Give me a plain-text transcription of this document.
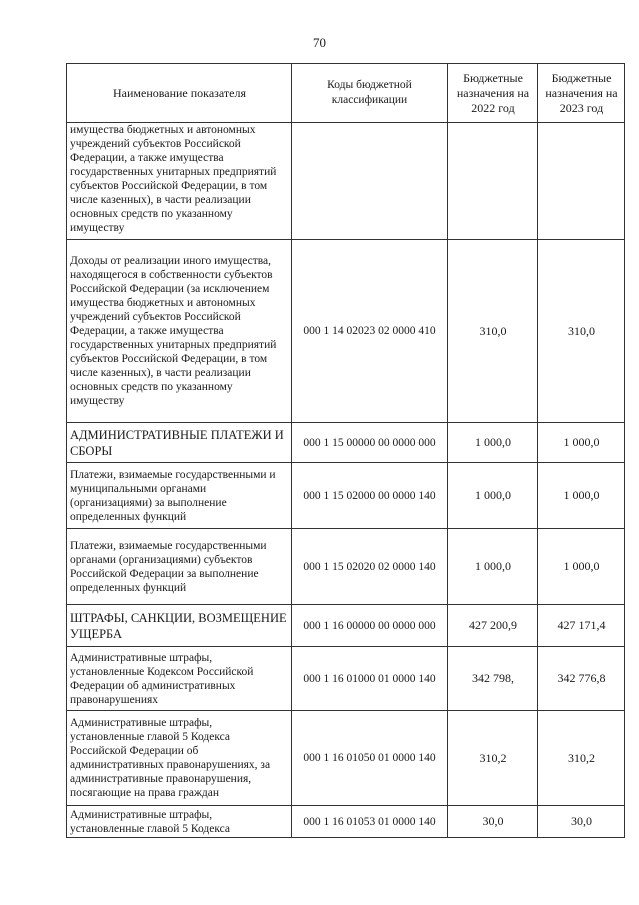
70
Наименование показателя	Коды бюджетной классификации	Бюджетные назначения на 2022 год	Бюджетные назначения на 2023 год
имущества бюджетных и автономных учреждений субъектов Российской Федерации, а также имущества государственных унитарных предприятий субъектов Российской Федерации, в том числе казенных), в части реализации основных средств по указанному имуществу			
Доходы от реализации иного имущества, находящегося в собственности субъектов Российской Федерации (за исключением имущества бюджетных и автономных учреждений субъектов Российской Федерации, а также имущества государственных унитарных предприятий субъектов Российской Федерации, в том числе казенных), в части реализации основных средств по указанному имуществу	000 1 14 02023 02 0000 410	310,0	310,0
АДМИНИСТРАТИВНЫЕ ПЛАТЕЖИ И СБОРЫ	000 1 15 00000 00 0000 000	1 000,0	1 000,0
Платежи, взимаемые государственными и муниципальными органами (организациями) за выполнение определенных функций	000 1 15 02000 00 0000 140	1 000,0	1 000,0
Платежи, взимаемые государственными органами (организациями) субъектов Российской Федерации за выполнение определенных функций	000 1 15 02020 02 0000 140	1 000,0	1 000,0
ШТРАФЫ, САНКЦИИ, ВОЗМЕЩЕНИЕ УЩЕРБА	000 1 16 00000 00 0000 000	427 200,9	427 171,4
Административные штрафы, установленные Кодексом Российской Федерации об административных правонарушениях	000 1 16 01000 01 0000 140	342 798,	342 776,8
Административные штрафы, установленные главой 5 Кодекса Российской Федерации об административных правонарушениях, за административные правонарушения, посягающие на права граждан	000 1 16 01050 01 0000 140	310,2	310,2
Административные штрафы, установленные главой 5 Кодекса	000 1 16 01053 01 0000 140	30,0	30,0
